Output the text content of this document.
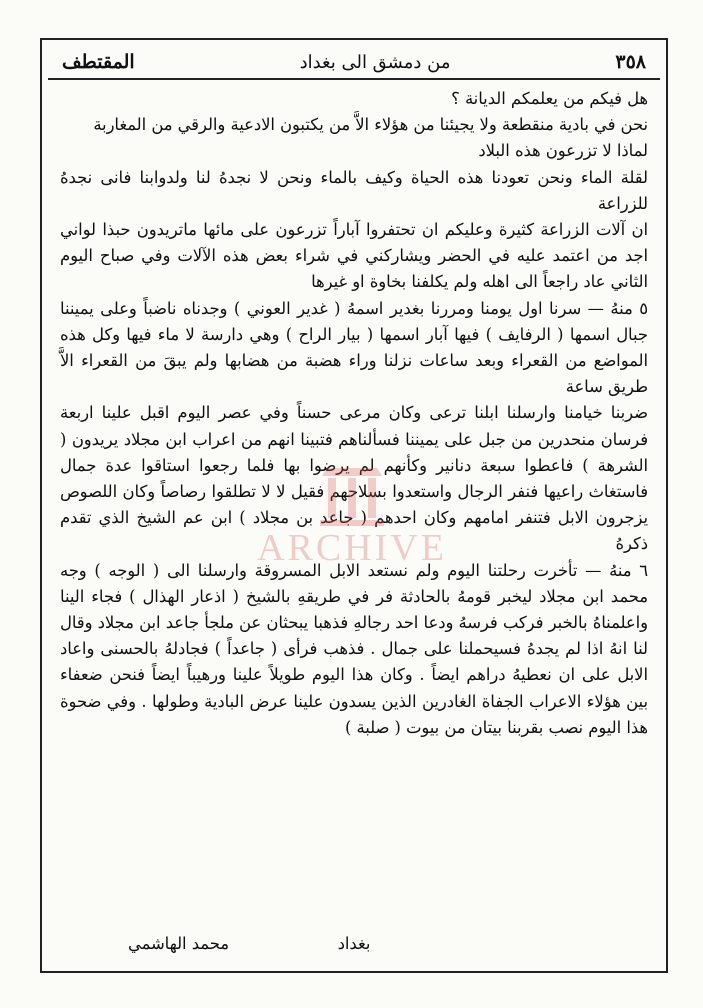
٣٥٨
من دمشق الى بغداد
المقتطف

هل فيكم من يعلمكم الديانة ؟

نحن في بادية منقطعة ولا يجيئنا من هؤلاء الاَّ من يكتبون الادعية والرقي من المغاربة

لماذا لا تزرعون هذه البلاد

لقلة الماء ونحن تعودنا هذه الحياة وكيف بالماء ونحن لا نجدهُ لنا ولدوابنا فانى نجدهُ للزراعة

ان آلات الزراعة كثيرة وعليكم ان تحتفروا آباراً تزرعون على مائها ماتريدون حبذا لواني اجد من اعتمد عليه في الحضر ويشاركني في شراء بعض هذه الآلات وفي صباح اليوم الثاني عاد راجعاً الى اهله ولم يكلفنا بخاوة او غيرها

٥ منهُ — سرنا اول يومنا ومررنا بغدير اسمهُ ( غدير العوني ) وجدناه ناضباً وعلى يميننا جبال اسمها ( الرفايف ) فيها آبار اسمها ( بيار الراح ) وهي دارسة لا ماء فيها وكل هذه المواضع من القعراء وبعد ساعات نزلنا وراء هضبة من هضابها ولم يبقَ من القعراء الاَّ طريق ساعة

ضربنا خيامنا وارسلنا ابلنا ترعى وكان مرعى حسناً وفي عصر اليوم اقبل علينا اربعة فرسان منحدرين من جبل على يميننا فسألناهم فتبينا انهم من اعراب ابن مجلاد يريدون ( الشرهة ) فاعطوا سبعة دنانير وكأنهم لم يرضوا بها فلما رجعوا استاقوا عدة جمال فاستغاث راعيها فنفر الرجال واستعدوا بسلاحهم فقيل لا لا تطلقوا رصاصاً وكان اللصوص يزجرون الابل فتنفر امامهم وكان احدهم ( جاعد بن مجلاد ) ابن عم الشيخ الذي تقدم ذكرهُ

٦ منهُ — تأخرت رحلتنا اليوم ولم نستعد الابل المسروقة وارسلنا الى ( الوجه ) وجه محمد ابن مجلاد ليخبر قومهُ بالحادثة فر في طريقهِ بالشيخ ( اذعار الهذال ) فجاء الينا واعلمناهُ بالخبر فركب فرسهُ ودعا احد رجالهِ فذهبا يبحثان عن ملجأ جاعد ابن مجلاد وقال لنا انهُ اذا لم يجدهُ فسيحملنا على جمال . فذهب فرأى ( جاعداً ) فجادلهُ بالحسنى واعاد الابل على ان نعطيهُ دراهم ايضاً . وكان هذا اليوم طويلاً علينا ورهيباً ايضاً فنحن ضعفاء بين هؤلاء الاعراب الجفاة الغادرين الذين يسدون علينا عرض البادية وطولها . وفي ضحوة هذا اليوم نصب بقربنا بيتان من بيوت ( صلبة )

بغداد
محمد الهاشمي
ARCHIVE
